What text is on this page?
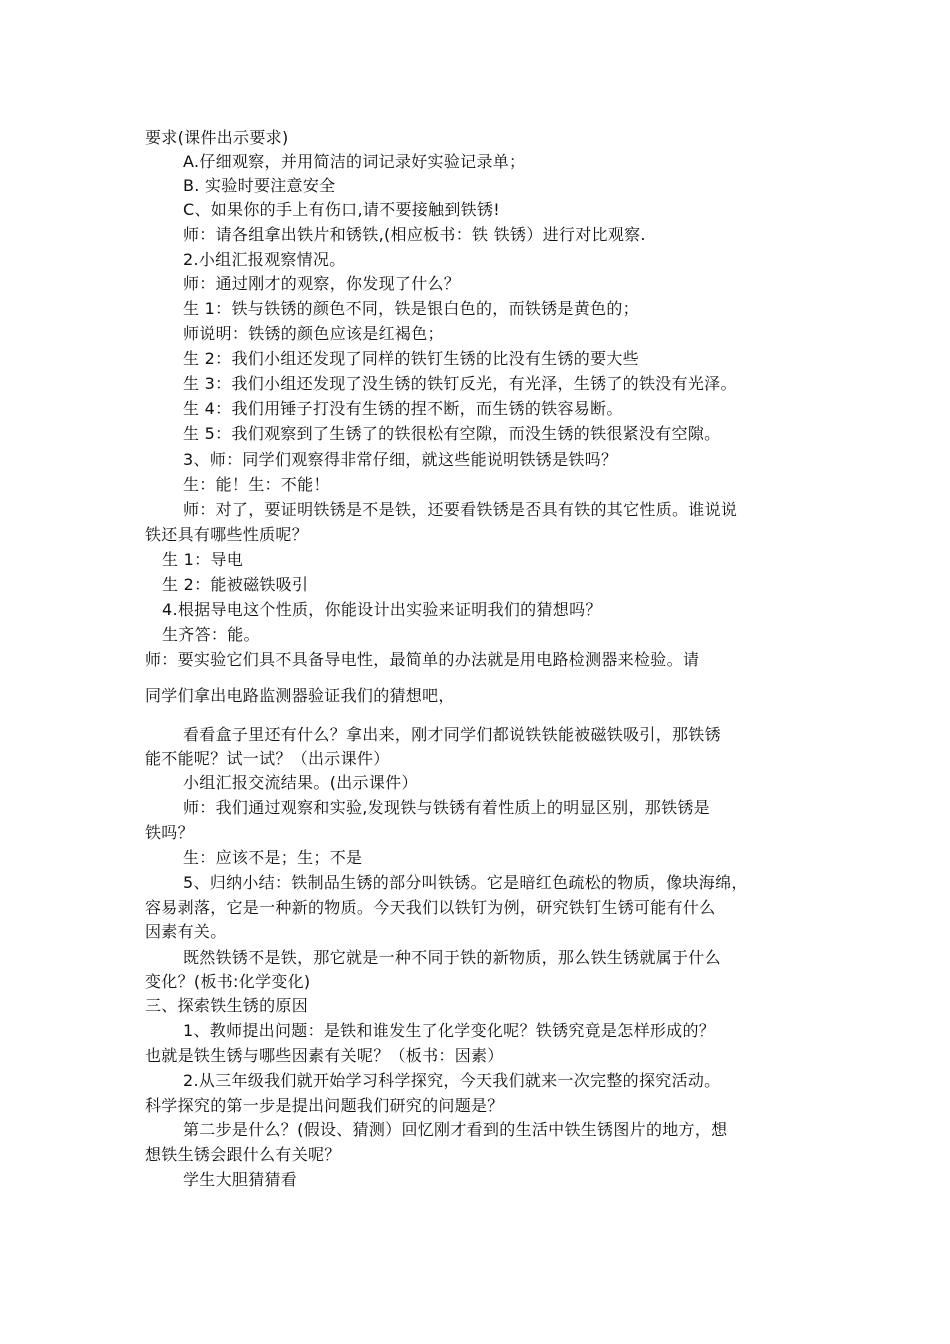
要求(课件出示要求)
A.仔细观察，并用简洁的词记录好实验记录单；
B. 实验时要注意安全
C、如果你的手上有伤口,请不要接触到铁锈!
师：请各组拿出铁片和锈铁,(相应板书：铁 铁锈）进行对比观察.
2.小组汇报观察情况。
师：通过刚才的观察，你发现了什么？
生 1：铁与铁锈的颜色不同，铁是银白色的，而铁锈是黄色的；
师说明：铁锈的颜色应该是红褐色；
生 2：我们小组还发现了同样的铁钉生锈的比没有生锈的要大些
生 3：我们小组还发现了没生锈的铁钉反光，有光泽，生锈了的铁没有光泽。
生 4：我们用锤子打没有生锈的捏不断，而生锈的铁容易断。
生 5：我们观察到了生锈了的铁很松有空隙，而没生锈的铁很紧没有空隙。
3、师：同学们观察得非常仔细，就这些能说明铁锈是铁吗？
生：能！生：不能！
师：对了，要证明铁锈是不是铁，还要看铁锈是否具有铁的其它性质。谁说说
铁还具有哪些性质呢？
生 1：导电
生 2：能被磁铁吸引
4.根据导电这个性质，你能设计出实验来证明我们的猜想吗？
生齐答：能。
师：要实验它们具不具备导电性，最简单的办法就是用电路检测器来检验。请
同学们拿出电路监测器验证我们的猜想吧，
看看盒子里还有什么？拿出来，刚才同学们都说铁铁能被磁铁吸引，那铁锈
能不能呢？试一试？（出示课件）
小组汇报交流结果。(出示课件）
师：我们通过观察和实验,发现铁与铁锈有着性质上的明显区别，那铁锈是
铁吗？
生：应该不是；生；不是
5、归纳小结：铁制品生锈的部分叫铁锈。它是暗红色疏松的物质，像块海绵，
容易剥落，它是一种新的物质。今天我们以铁钉为例，研究铁钉生锈可能有什么
因素有关。
既然铁锈不是铁，那它就是一种不同于铁的新物质，那么铁生锈就属于什么
变化？(板书:化学变化)
三、探索铁生锈的原因
1、教师提出问题：是铁和谁发生了化学变化呢？铁锈究竟是怎样形成的？
也就是铁生锈与哪些因素有关呢？（板书：因素）
2.从三年级我们就开始学习科学探究，今天我们就来一次完整的探究活动。
科学探究的第一步是提出问题我们研究的问题是？
第二步是什么？(假设、猜测）回忆刚才看到的生活中铁生锈图片的地方，想
想铁生锈会跟什么有关呢？
学生大胆猜猜看
